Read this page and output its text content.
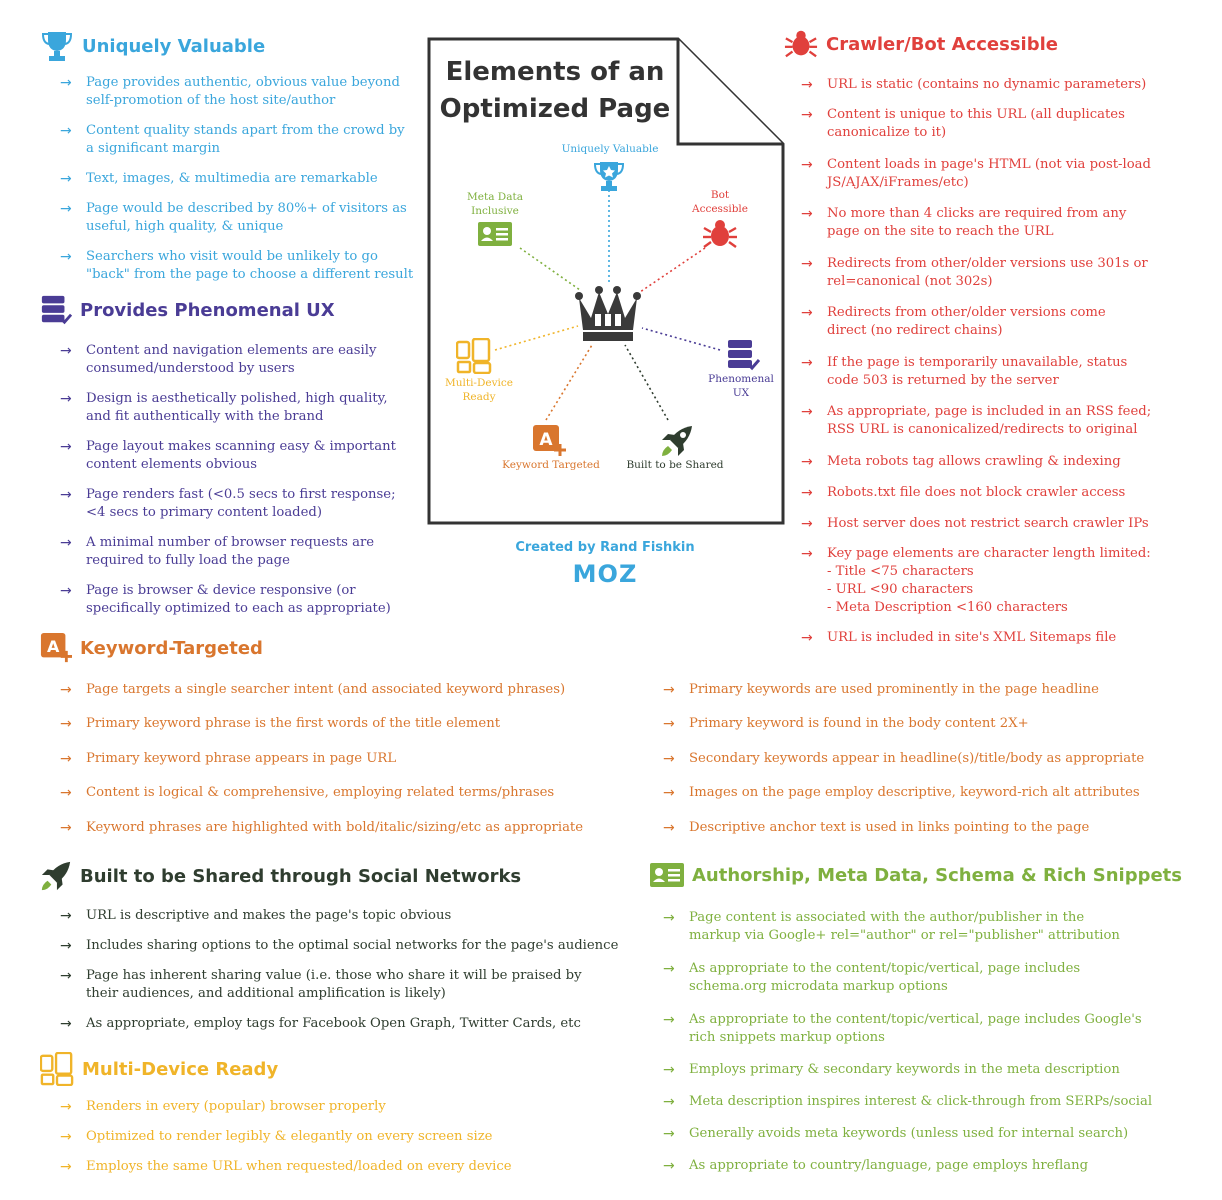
Elements of an
Optimized Page
Uniquely Valuable
Bot
Accessible
Meta Data
Inclusive
Multi-Device
Ready
Phenomenal
UX
A
Keyword Targeted	Built to be Shared
Created by Rand Fishkin
MOZ
Uniquely Valuable
Provides Phenomenal UX
Crawler/Bot Accessible
A Keyword-Targeted
Built to be Shared through Social Networks
Multi-Device Ready
Authorship, Meta Data, Schema & Rich Snippets
→	Page provides authentic, obvious value beyond
self-promotion of the host site/author
→	Content quality stands apart from the crowd by
a significant margin
→	Text, images, & multimedia are remarkable
→	Page would be described by 80%+ of visitors as
useful, high quality, & unique
→	Searchers who visit would be unlikely to go
"back" from the page to choose a different result
→	Content and navigation elements are easily
consumed/understood by users
→	Design is aesthetically polished, high quality,
and fit authentically with the brand
→	Page layout makes scanning easy & important
content elements obvious
→	Page renders fast (<0.5 secs to first response;
<4 secs to primary content loaded)
→	A minimal number of browser requests are
required to fully load the page
→	Page is browser & device responsive (or
specifically optimized to each as appropriate)
→	URL is static (contains no dynamic parameters)
→	Content is unique to this URL (all duplicates
canonicalize to it)
→	Content loads in page's HTML (not via post-load
JS/AJAX/iFrames/etc)
→	No more than 4 clicks are required from any
page on the site to reach the URL
→	Redirects from other/older versions use 301s or
rel=canonical (not 302s)
→	Redirects from other/older versions come
direct (no redirect chains)
→	If the page is temporarily unavailable, status
code 503 is returned by the server
→	As appropriate, page is included in an RSS feed;
RSS URL is canonicalized/redirects to original
→	Meta robots tag allows crawling & indexing
→	Robots.txt file does not block crawler access
→	Host server does not restrict search crawler IPs
→	Key page elements are character length limited:
- Title <75 characters
- URL <90 characters
- Meta Description <160 characters
→	URL is included in site's XML Sitemaps file
→	Page targets a single searcher intent (and associated keyword phrases)
→	Primary keyword phrase is the first words of the title element
→	Primary keyword phrase appears in page URL
→	Content is logical & comprehensive, employing related terms/phrases
→	Keyword phrases are highlighted with bold/italic/sizing/etc as appropriate
→	Primary keywords are used prominently in the page headline
→	Primary keyword is found in the body content 2X+
→	Secondary keywords appear in headline(s)/title/body as appropriate
→	Images on the page employ descriptive, keyword-rich alt attributes
→	Descriptive anchor text is used in links pointing to the page
→	URL is descriptive and makes the page's topic obvious
→	Includes sharing options to the optimal social networks for the page's audience
→	Page has inherent sharing value (i.e. those who share it will be praised by
their audiences, and additional amplification is likely)
→	As appropriate, employ tags for Facebook Open Graph, Twitter Cards, etc
→	Renders in every (popular) browser properly
→	Optimized to render legibly & elegantly on every screen size
→	Employs the same URL when requested/loaded on every device
→	Page content is associated with the author/publisher in the
markup via Google+ rel="author" or rel="publisher" attribution
→	As appropriate to the content/topic/vertical, page includes
schema.org microdata markup options
→	As appropriate to the content/topic/vertical, page includes Google's
rich snippets markup options
→	Employs primary & secondary keywords in the meta description
→	Meta description inspires interest & click-through from SERPs/social
→	Generally avoids meta keywords (unless used for internal search)
→	As appropriate to country/language, page employs hreflang
